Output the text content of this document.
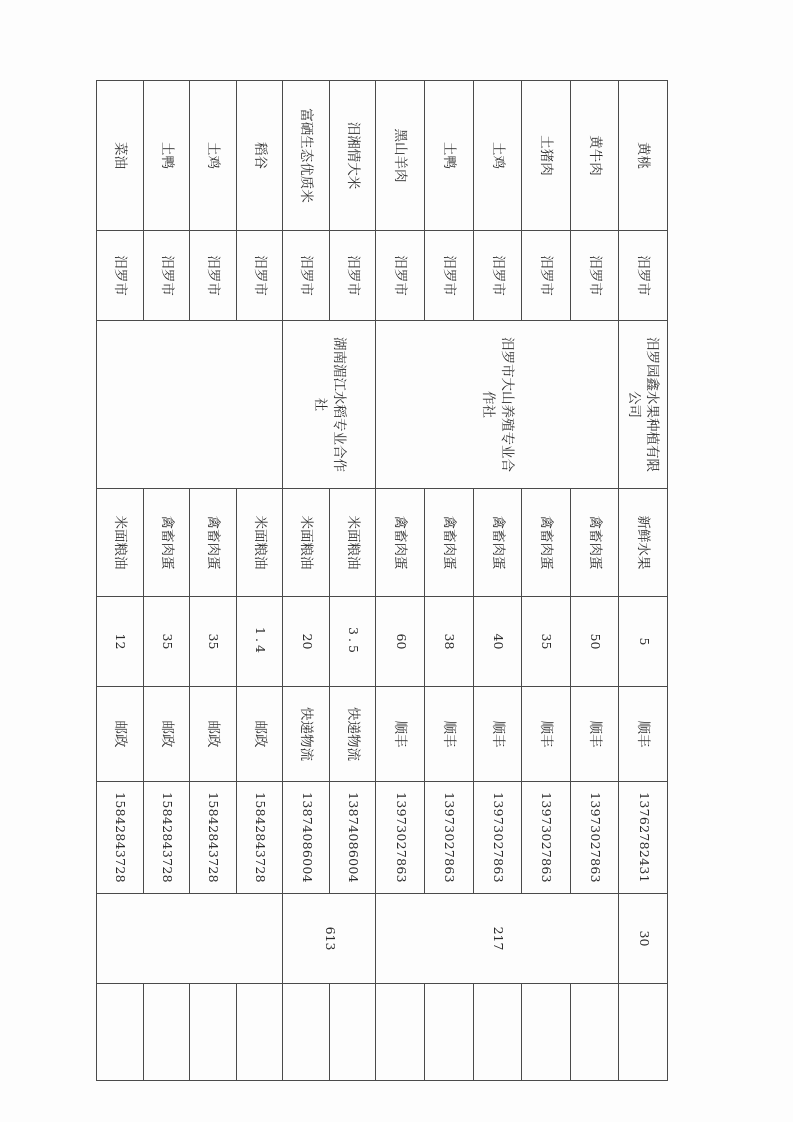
黄桃	汨罗市	汨罗园鑫水果种植有限公司	新鲜水果	5	顺丰	13762782431	30	
黄牛肉	汨罗市	汨罗市大山养殖专业合作社	禽畜肉蛋	50	顺丰	13973027863	217	
土猪肉	汨罗市		禽畜肉蛋	35	顺丰	13973027863		
土鸡	汨罗市		禽畜肉蛋	40	顺丰	13973027863		
土鸭	汨罗市		禽畜肉蛋	38	顺丰	13973027863		
黑山羊肉	汨罗市		禽畜肉蛋	60	顺丰	13973027863		
汨湘情大米	汨罗市	湖南湄江水稻专业合作社	米面粮油	3.5	快递物流	13874086004	613	
富硒生态优质米	汨罗市		米面粮油	20	快递物流	13874086004		
稻谷	汨罗市		米面粮油	1.4	邮政	15842843728		
土鸡	汨罗市		禽畜肉蛋	35	邮政	15842843728		
土鸭	汨罗市		禽畜肉蛋	35	邮政	15842843728		
菜油	汨罗市		米面粮油	12	邮政	15842843728		
